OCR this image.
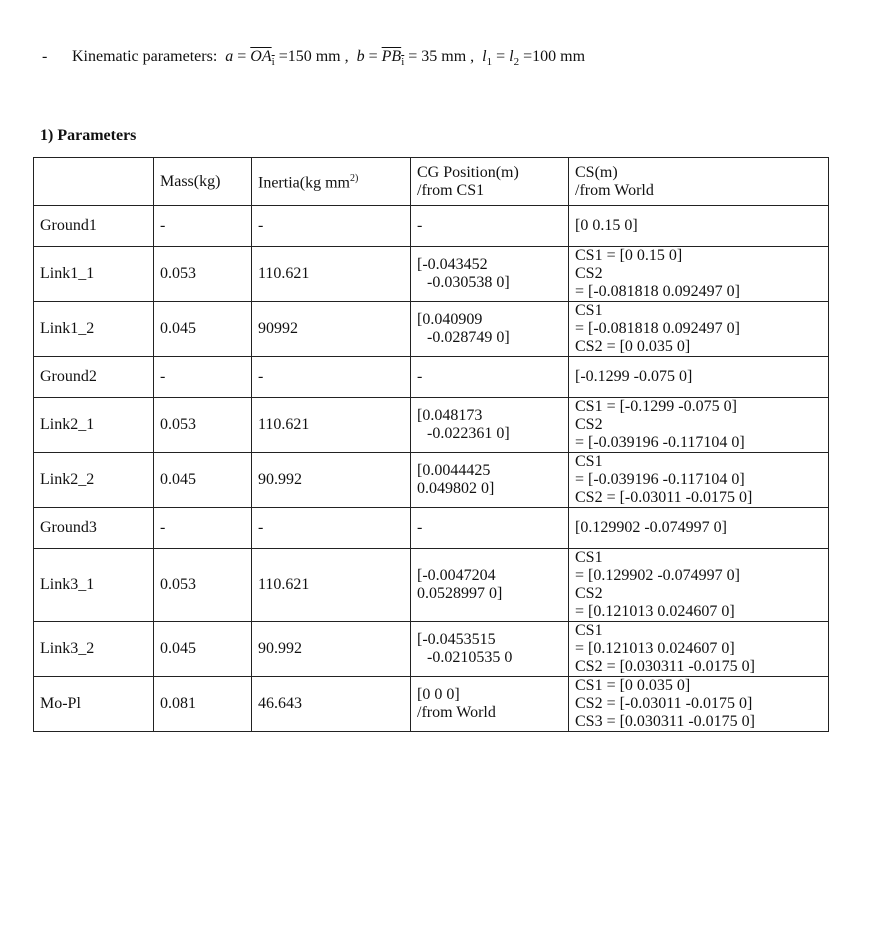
- Kinematic parameters: $a = OA_i =150$ mm , $b = PB_i = 35$ mm , $l_1 = l_2 =100$ mm
1) Parameters
	Mass(kg)	Inertia(kg $mm^{2)}$	CG Position(m)
/from CS1	CS(m)
/from World

Ground1	-	-	-	[0 0.15 0]

Link1_1	0.053	110.621	[-0.043452
-0.030538 0]	CS1 = [0 0.15 0]
CS2
= [-0.081818 0.092497 0]

Link1_2	0.045	90992	[0.040909
-0.028749 0]	CS1
= [-0.081818 0.092497 0]
CS2 = [0 0.035 0]

Ground2	-	-	-	[-0.1299 -0.075 0]

Link2_1	0.053	110.621	[0.048173
-0.022361 0]	CS1 = [-0.1299 -0.075 0]
CS2
= [-0.039196 -0.117104 0]

Link2_2	0.045	90.992	[0.0044425
0.049802 0]	CS1
= [-0.039196 -0.117104 0]
CS2 = [-0.03011 -0.0175 0]

Ground3	-	-	-	[0.129902 -0.074997 0]

Link3_1	0.053	110.621	[-0.0047204
0.0528997 0]	CS1
= [0.129902 -0.074997 0]
CS2
= [0.121013 0.024607 0]

Link3_2	0.045	90.992	[-0.0453515
-0.0210535 0	CS1
= [0.121013 0.024607 0]
CS2 = [0.030311 -0.0175 0]

Mo-Pl	0.081	46.643	[0 0 0]
/from World	CS1 = [0 0.035 0]
CS2 = [-0.03011 -0.0175 0]
CS3 = [0.030311 -0.0175 0]
